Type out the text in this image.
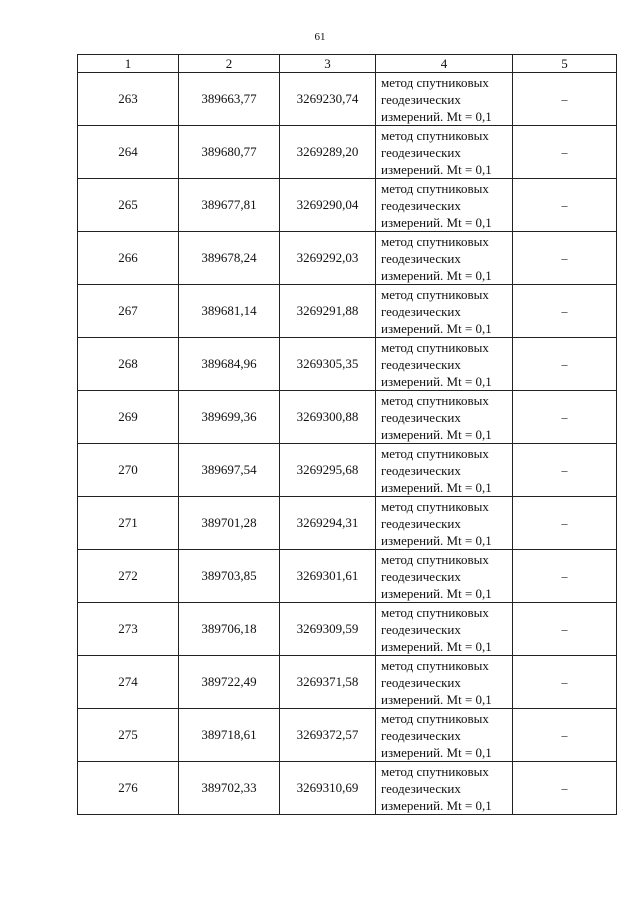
61
1	2	3	4	5
263	389663,77	3269230,74	метод спутниковых
геодезических
измерений. Mt = 0,1	–
264	389680,77	3269289,20	метод спутниковых
геодезических
измерений. Mt = 0,1	–
265	389677,81	3269290,04	метод спутниковых
геодезических
измерений. Mt = 0,1	–
266	389678,24	3269292,03	метод спутниковых
геодезических
измерений. Mt = 0,1	–
267	389681,14	3269291,88	метод спутниковых
геодезических
измерений. Mt = 0,1	–
268	389684,96	3269305,35	метод спутниковых
геодезических
измерений. Mt = 0,1	–
269	389699,36	3269300,88	метод спутниковых
геодезических
измерений. Mt = 0,1	–
270	389697,54	3269295,68	метод спутниковых
геодезических
измерений. Mt = 0,1	–
271	389701,28	3269294,31	метод спутниковых
геодезических
измерений. Mt = 0,1	–
272	389703,85	3269301,61	метод спутниковых
геодезических
измерений. Mt = 0,1	–
273	389706,18	3269309,59	метод спутниковых
геодезических
измерений. Mt = 0,1	–
274	389722,49	3269371,58	метод спутниковых
геодезических
измерений. Mt = 0,1	–
275	389718,61	3269372,57	метод спутниковых
геодезических
измерений. Mt = 0,1	–
276	389702,33	3269310,69	метод спутниковых
геодезических
измерений. Mt = 0,1	–
